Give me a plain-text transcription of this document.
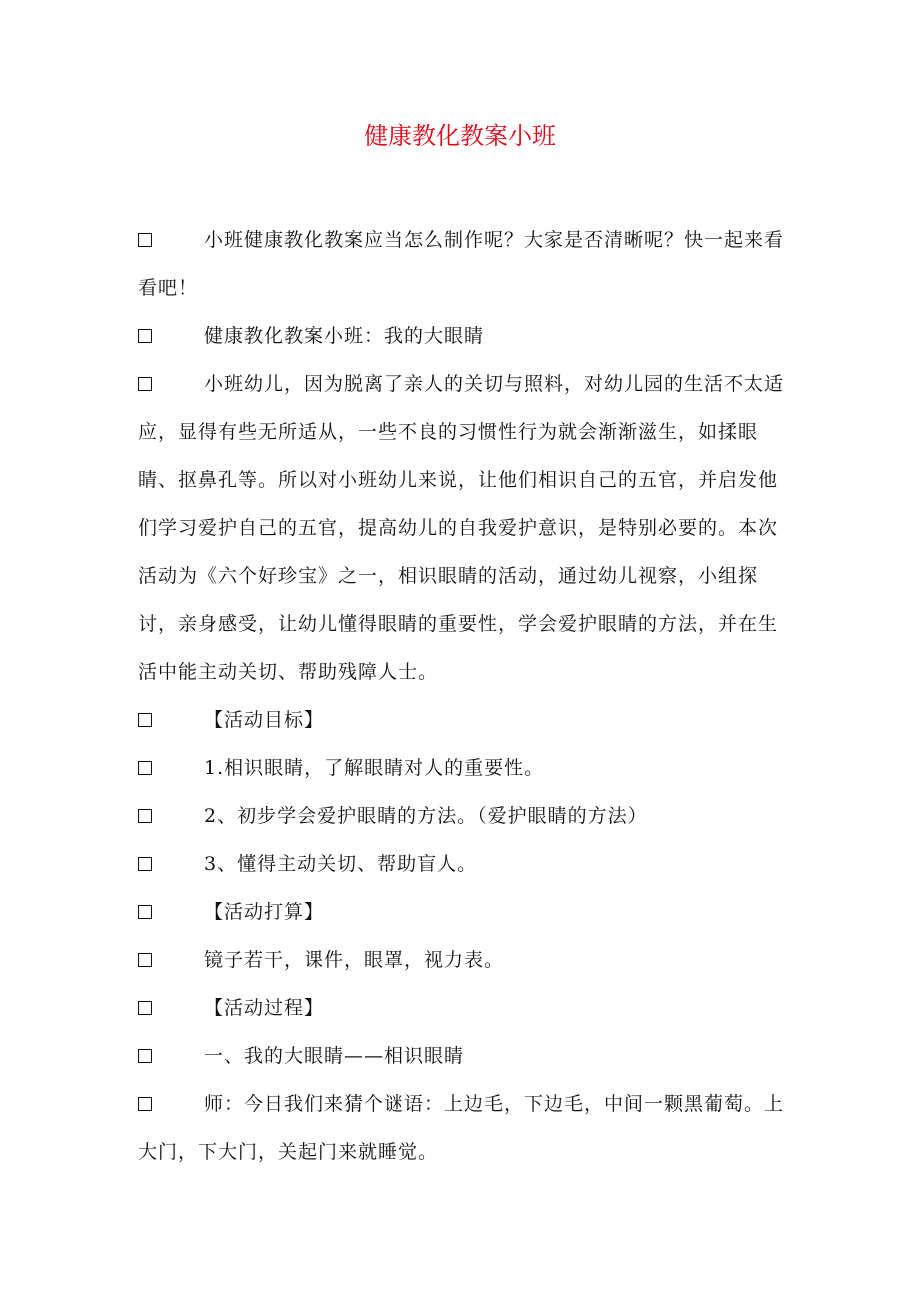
健康教化教案小班
小班健康教化教案应当怎么制作呢？大家是否清晰呢？快一起来看看吧！
健康教化教案小班：我的大眼睛
小班幼儿，因为脱离了亲人的关切与照料，对幼儿园的生活不太适应，显得有些无所适从，一些不良的习惯性行为就会渐渐滋生，如揉眼睛、抠鼻孔等。所以对小班幼儿来说，让他们相识自己的五官，并启发他们学习爱护自己的五官，提高幼儿的自我爱护意识，是特别必要的。本次活动为《六个好珍宝》之一，相识眼睛的活动，通过幼儿视察，小组探讨，亲身感受，让幼儿懂得眼睛的重要性，学会爱护眼睛的方法，并在生活中能主动关切、帮助残障人士。
【活动目标】
1.相识眼睛，了解眼睛对人的重要性。
2、初步学会爱护眼睛的方法。（爱护眼睛的方法）
3、懂得主动关切、帮助盲人。
【活动打算】
镜子若干，课件，眼罩，视力表。
【活动过程】
一、我的大眼睛——相识眼睛
师：今日我们来猜个谜语：上边毛，下边毛，中间一颗黑葡萄。上大门，下大门，关起门来就睡觉。
